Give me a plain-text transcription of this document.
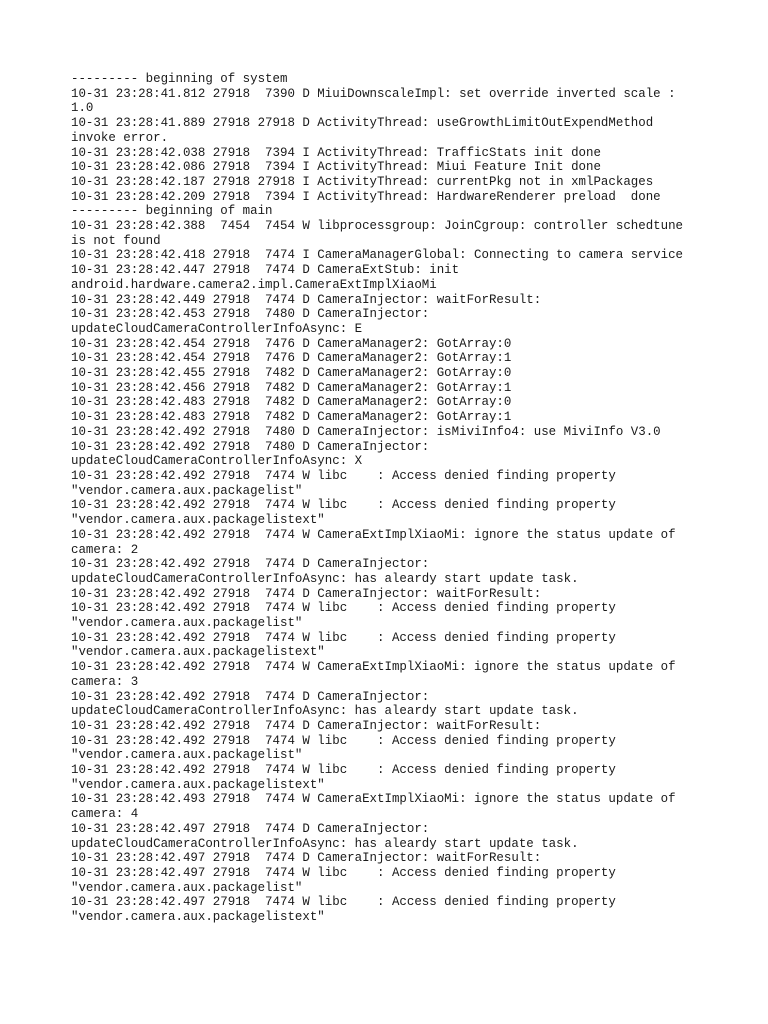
--------- beginning of system
10-31 23:28:41.812 27918  7390 D MiuiDownscaleImpl: set override inverted scale :
1.0
10-31 23:28:41.889 27918 27918 D ActivityThread: useGrowthLimitOutExpendMethod
invoke error.
10-31 23:28:42.038 27918  7394 I ActivityThread: TrafficStats init done
10-31 23:28:42.086 27918  7394 I ActivityThread: Miui Feature Init done
10-31 23:28:42.187 27918 27918 I ActivityThread: currentPkg not in xmlPackages
10-31 23:28:42.209 27918  7394 I ActivityThread: HardwareRenderer preload  done
--------- beginning of main
10-31 23:28:42.388  7454  7454 W libprocessgroup: JoinCgroup: controller schedtune
is not found
10-31 23:28:42.418 27918  7474 I CameraManagerGlobal: Connecting to camera service
10-31 23:28:42.447 27918  7474 D CameraExtStub: init
android.hardware.camera2.impl.CameraExtImplXiaoMi
10-31 23:28:42.449 27918  7474 D CameraInjector: waitForResult:
10-31 23:28:42.453 27918  7480 D CameraInjector:
updateCloudCameraControllerInfoAsync: E
10-31 23:28:42.454 27918  7476 D CameraManager2: GotArray:0
10-31 23:28:42.454 27918  7476 D CameraManager2: GotArray:1
10-31 23:28:42.455 27918  7482 D CameraManager2: GotArray:0
10-31 23:28:42.456 27918  7482 D CameraManager2: GotArray:1
10-31 23:28:42.483 27918  7482 D CameraManager2: GotArray:0
10-31 23:28:42.483 27918  7482 D CameraManager2: GotArray:1
10-31 23:28:42.492 27918  7480 D CameraInjector: isMiviInfo4: use MiviInfo V3.0
10-31 23:28:42.492 27918  7480 D CameraInjector:
updateCloudCameraControllerInfoAsync: X
10-31 23:28:42.492 27918  7474 W libc    : Access denied finding property
"vendor.camera.aux.packagelist"
10-31 23:28:42.492 27918  7474 W libc    : Access denied finding property
"vendor.camera.aux.packagelistext"
10-31 23:28:42.492 27918  7474 W CameraExtImplXiaoMi: ignore the status update of
camera: 2
10-31 23:28:42.492 27918  7474 D CameraInjector:
updateCloudCameraControllerInfoAsync: has aleardy start update task.
10-31 23:28:42.492 27918  7474 D CameraInjector: waitForResult:
10-31 23:28:42.492 27918  7474 W libc    : Access denied finding property
"vendor.camera.aux.packagelist"
10-31 23:28:42.492 27918  7474 W libc    : Access denied finding property
"vendor.camera.aux.packagelistext"
10-31 23:28:42.492 27918  7474 W CameraExtImplXiaoMi: ignore the status update of
camera: 3
10-31 23:28:42.492 27918  7474 D CameraInjector:
updateCloudCameraControllerInfoAsync: has aleardy start update task.
10-31 23:28:42.492 27918  7474 D CameraInjector: waitForResult:
10-31 23:28:42.492 27918  7474 W libc    : Access denied finding property
"vendor.camera.aux.packagelist"
10-31 23:28:42.492 27918  7474 W libc    : Access denied finding property
"vendor.camera.aux.packagelistext"
10-31 23:28:42.493 27918  7474 W CameraExtImplXiaoMi: ignore the status update of
camera: 4
10-31 23:28:42.497 27918  7474 D CameraInjector:
updateCloudCameraControllerInfoAsync: has aleardy start update task.
10-31 23:28:42.497 27918  7474 D CameraInjector: waitForResult:
10-31 23:28:42.497 27918  7474 W libc    : Access denied finding property
"vendor.camera.aux.packagelist"
10-31 23:28:42.497 27918  7474 W libc    : Access denied finding property
"vendor.camera.aux.packagelistext"
